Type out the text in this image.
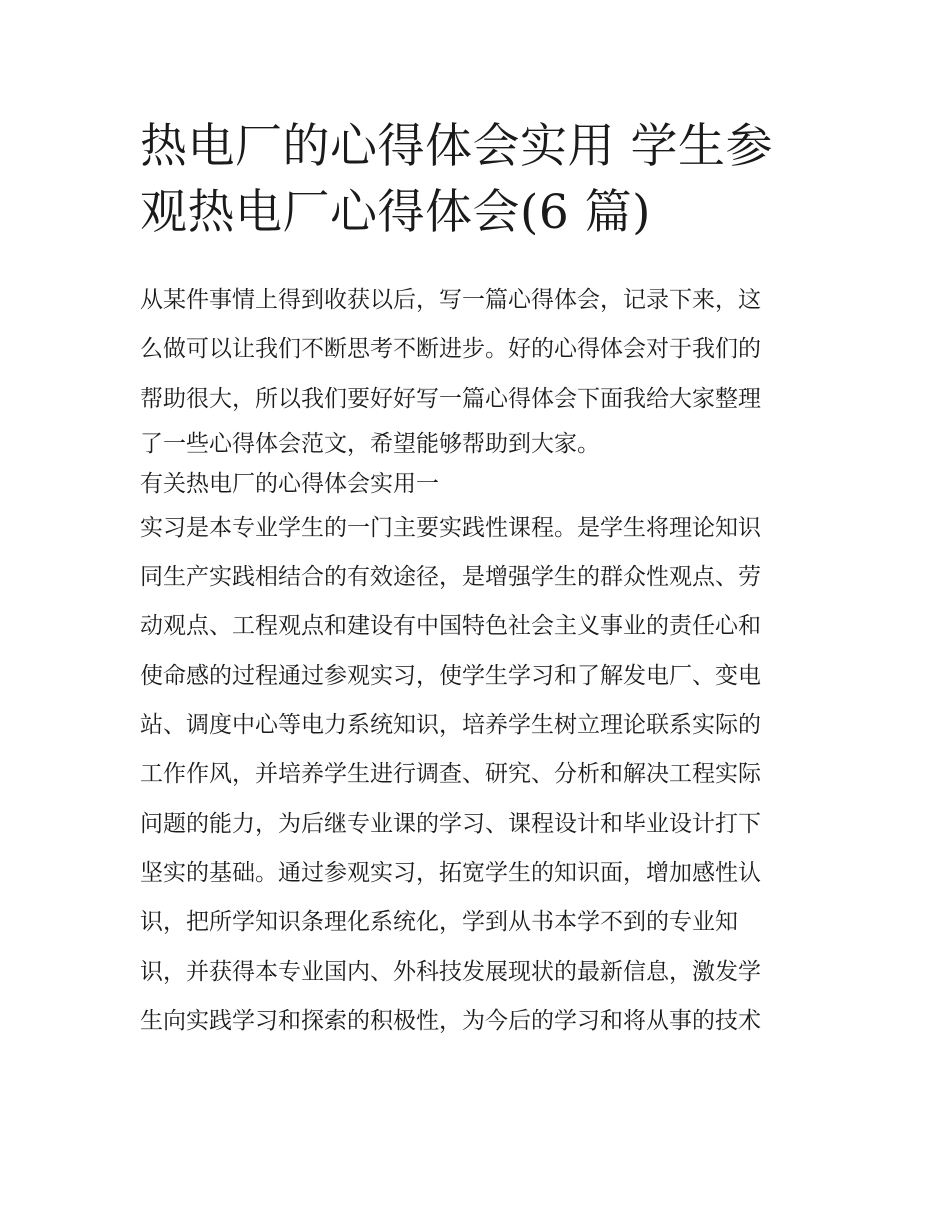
热电厂的心得体会实用 学生参
观热电厂心得体会(6 篇)
从某件事情上得到收获以后，写一篇心得体会，记录下来，这
么做可以让我们不断思考不断进步。好的心得体会对于我们的
帮助很大，所以我们要好好写一篇心得体会下面我给大家整理
了一些心得体会范文，希望能够帮助到大家。
有关热电厂的心得体会实用一
实习是本专业学生的一门主要实践性课程。是学生将理论知识
同生产实践相结合的有效途径，是增强学生的群众性观点、劳
动观点、工程观点和建设有中国特色社会主义事业的责任心和
使命感的过程通过参观实习，使学生学习和了解发电厂、变电
站、调度中心等电力系统知识，培养学生树立理论联系实际的
工作作风，并培养学生进行调查、研究、分析和解决工程实际
问题的能力，为后继专业课的学习、课程设计和毕业设计打下
坚实的基础。通过参观实习，拓宽学生的知识面，增加感性认
识，把所学知识条理化系统化，学到从书本学不到的专业知
识，并获得本专业国内、外科技发展现状的最新信息，激发学
生向实践学习和探索的积极性，为今后的学习和将从事的技术
